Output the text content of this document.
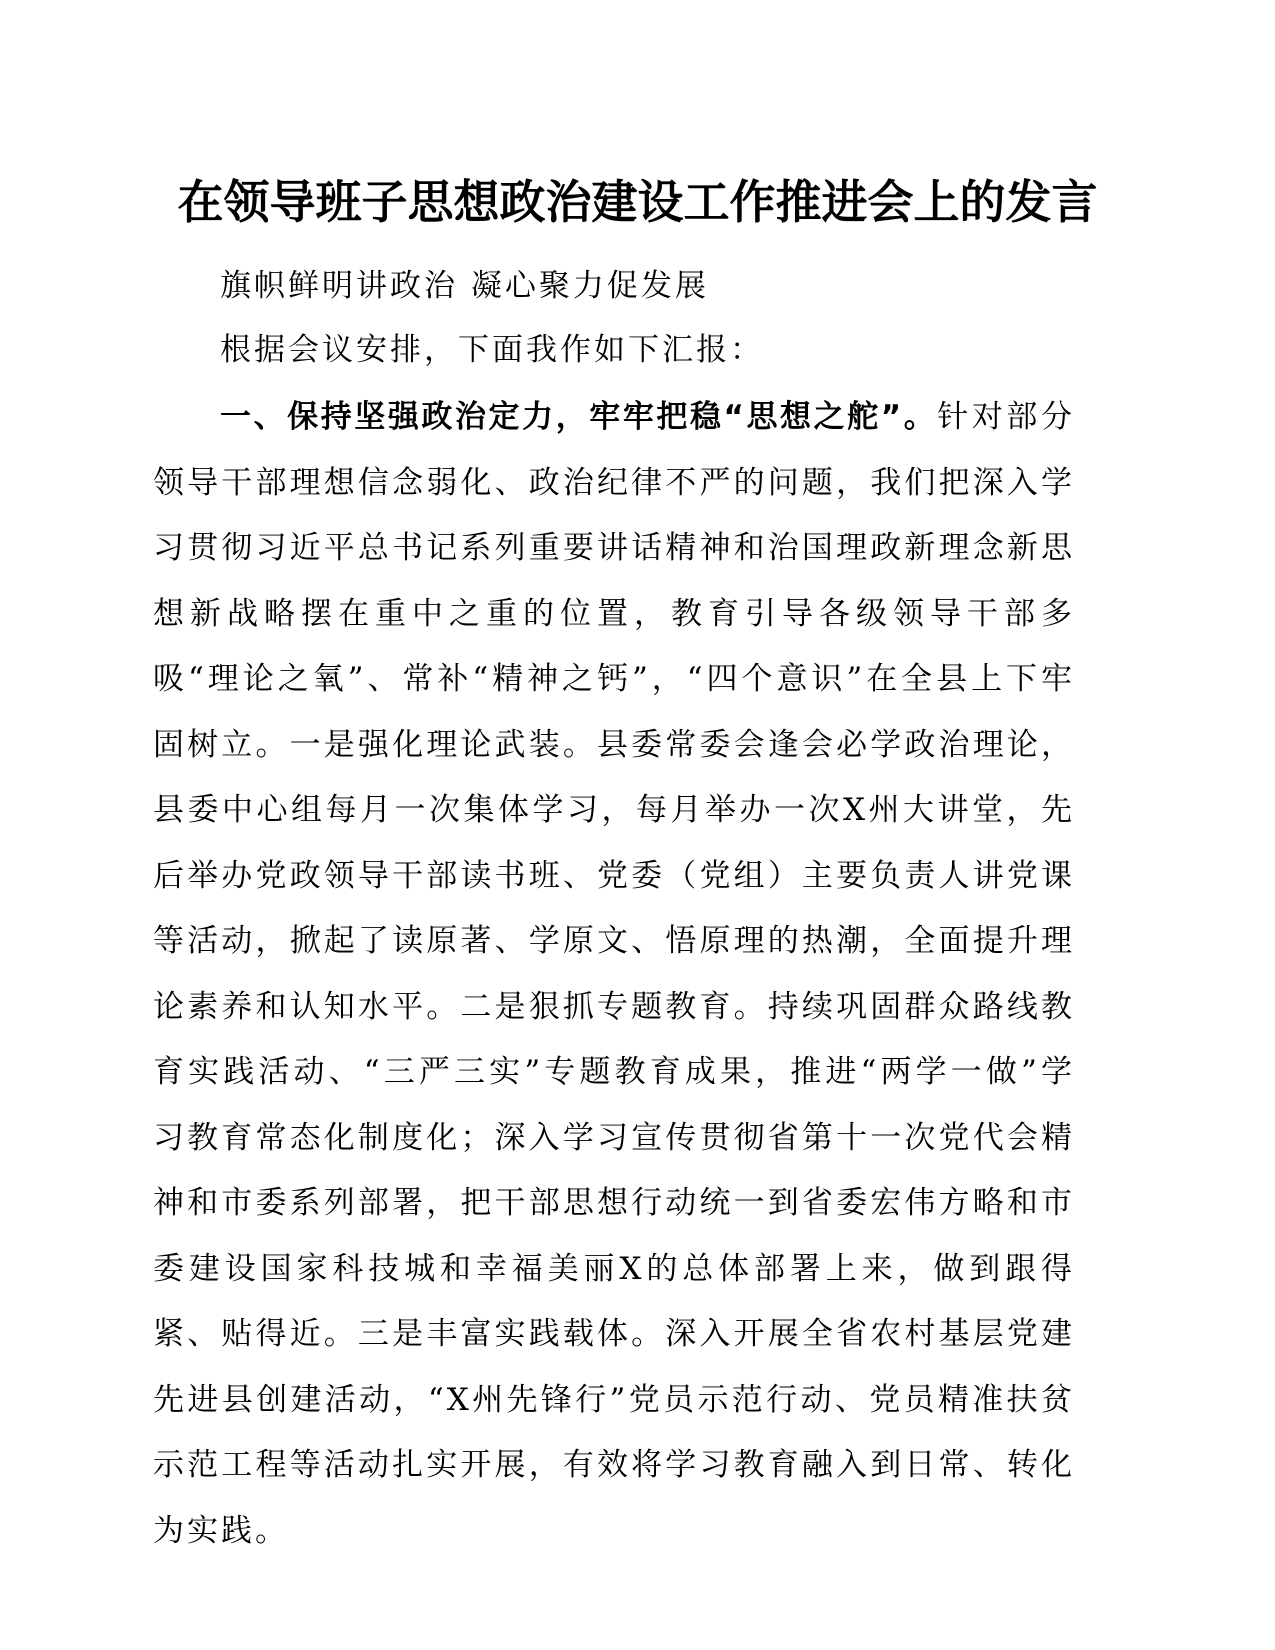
在领导班子思想政治建设工作推进会上的发言
旗帜鲜明讲政治 凝心聚力促发展
根据会议安排，下面我作如下汇报：
一、保持坚强政治定力，牢牢把稳“思想之舵”。针对部分领导干部理想信念弱化、政治纪律不严的问题，我们把深入学习贯彻习近平总书记系列重要讲话精神和治国理政新理念新思想新战略摆在重中之重的位置，教育引导各级领导干部多吸“理论之氧”、常补“精神之钙”，“四个意识”在全县上下牢固树立。一是强化理论武装。县委常委会逢会必学政治理论，县委中心组每月一次集体学习，每月举办一次X州大讲堂，先后举办党政领导干部读书班、党委（党组）主要负责人讲党课等活动，掀起了读原著、学原文、悟原理的热潮，全面提升理论素养和认知水平。二是狠抓专题教育。持续巩固群众路线教育实践活动、“三严三实”专题教育成果，推进“两学一做”学习教育常态化制度化；深入学习宣传贯彻省第十一次党代会精神和市委系列部署，把干部思想行动统一到省委宏伟方略和市委建设国家科技城和幸福美丽X的总体部署上来，做到跟得紧、贴得近。三是丰富实践载体。深入开展全省农村基层党建先进县创建活动，“X州先锋行”党员示范行动、党员精准扶贫示范工程等活动扎实开展，有效将学习教育融入到日常、转化为实践。
